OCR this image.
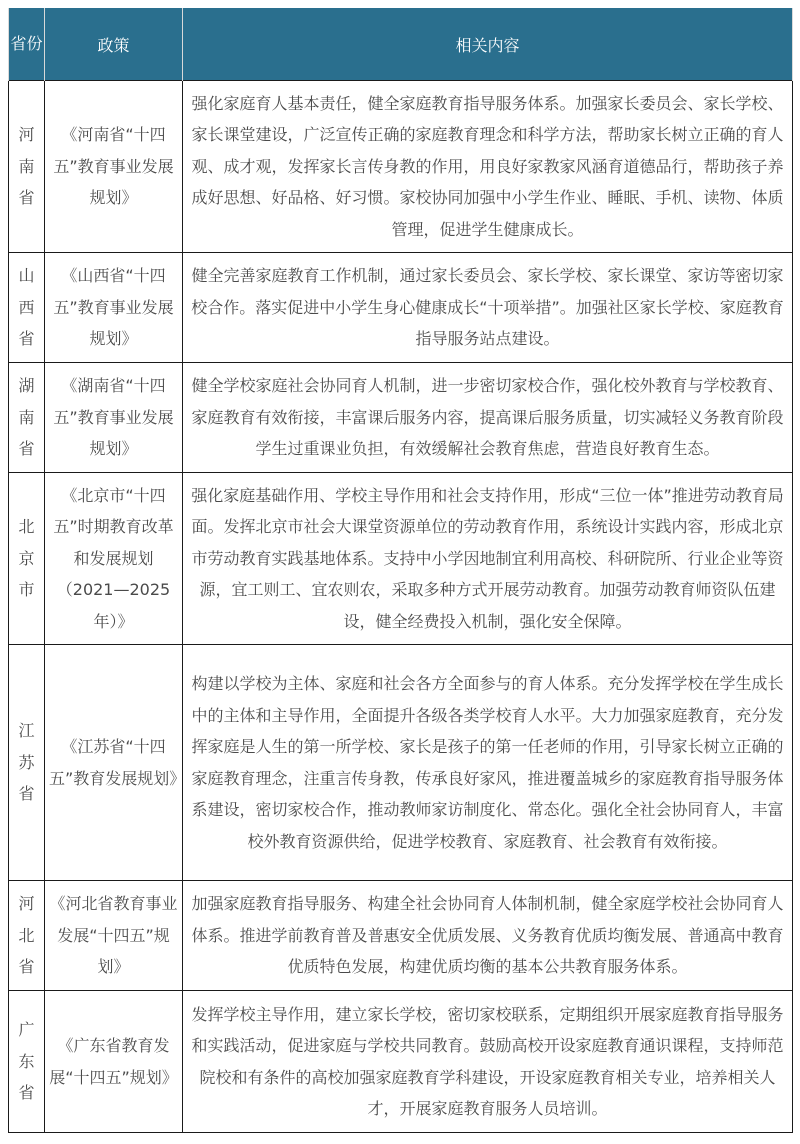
省份	政策	相关内容
河南省	《河南省“十四五”教育事业发展规划》	强化家庭育人基本责任，健全家庭教育指导服务体系。加强家长委员会、家长学校、家长课堂建设，广泛宣传正确的家庭教育理念和科学方法，帮助家长树立正确的育人观、成才观，发挥家长言传身教的作用，用良好家教家风涵育道德品行，帮助孩子养成好思想、好品格、好习惯。家校协同加强中小学生作业、睡眠、手机、读物、体质管理，促进学生健康成长。
山西省	《山西省“十四五”教育事业发展规划》	健全完善家庭教育工作机制，通过家长委员会、家长学校、家长课堂、家访等密切家校合作。落实促进中小学生身心健康成长“十项举措”。加强社区家长学校、家庭教育指导服务站点建设。
湖南省	《湖南省“十四五”教育事业发展规划》	健全学校家庭社会协同育人机制，进一步密切家校合作，强化校外教育与学校教育、家庭教育有效衔接，丰富课后服务内容，提高课后服务质量，切实减轻义务教育阶段学生过重课业负担，有效缓解社会教育焦虑，营造良好教育生态。
北京市	《北京市“十四五”时期教育改革和发展规划（2021—2025年）》	强化家庭基础作用、学校主导作用和社会支持作用，形成“三位一体”推进劳动教育局面。发挥北京市社会大课堂资源单位的劳动教育作用，系统设计实践内容，形成北京市劳动教育实践基地体系。支持中小学因地制宜利用高校、科研院所、行业企业等资源，宜工则工、宜农则农，采取多种方式开展劳动教育。加强劳动教育师资队伍建设，健全经费投入机制，强化安全保障。
江苏省	《江苏省“十四五”教育发展规划》	构建以学校为主体、家庭和社会各方全面参与的育人体系。充分发挥学校在学生成长中的主体和主导作用，全面提升各级各类学校育人水平。大力加强家庭教育，充分发挥家庭是人生的第一所学校、家长是孩子的第一任老师的作用，引导家长树立正确的家庭教育理念，注重言传身教，传承良好家风，推进覆盖城乡的家庭教育指导服务体系建设，密切家校合作，推动教师家访制度化、常态化。强化全社会协同育人，丰富校外教育资源供给，促进学校教育、家庭教育、社会教育有效衔接。
河北省	《河北省教育事业发展“十四五”规划》	加强家庭教育指导服务、构建全社会协同育人体制机制，健全家庭学校社会协同育人体系。推进学前教育普及普惠安全优质发展、义务教育优质均衡发展、普通高中教育优质特色发展，构建优质均衡的基本公共教育服务体系。
广东省	《广东省教育发展“十四五”规划》	发挥学校主导作用，建立家长学校，密切家校联系，定期组织开展家庭教育指导服务和实践活动，促进家庭与学校共同教育。鼓励高校开设家庭教育通识课程，支持师范院校和有条件的高校加强家庭教育学科建设，开设家庭教育相关专业，培养相关人才，开展家庭教育服务人员培训。
